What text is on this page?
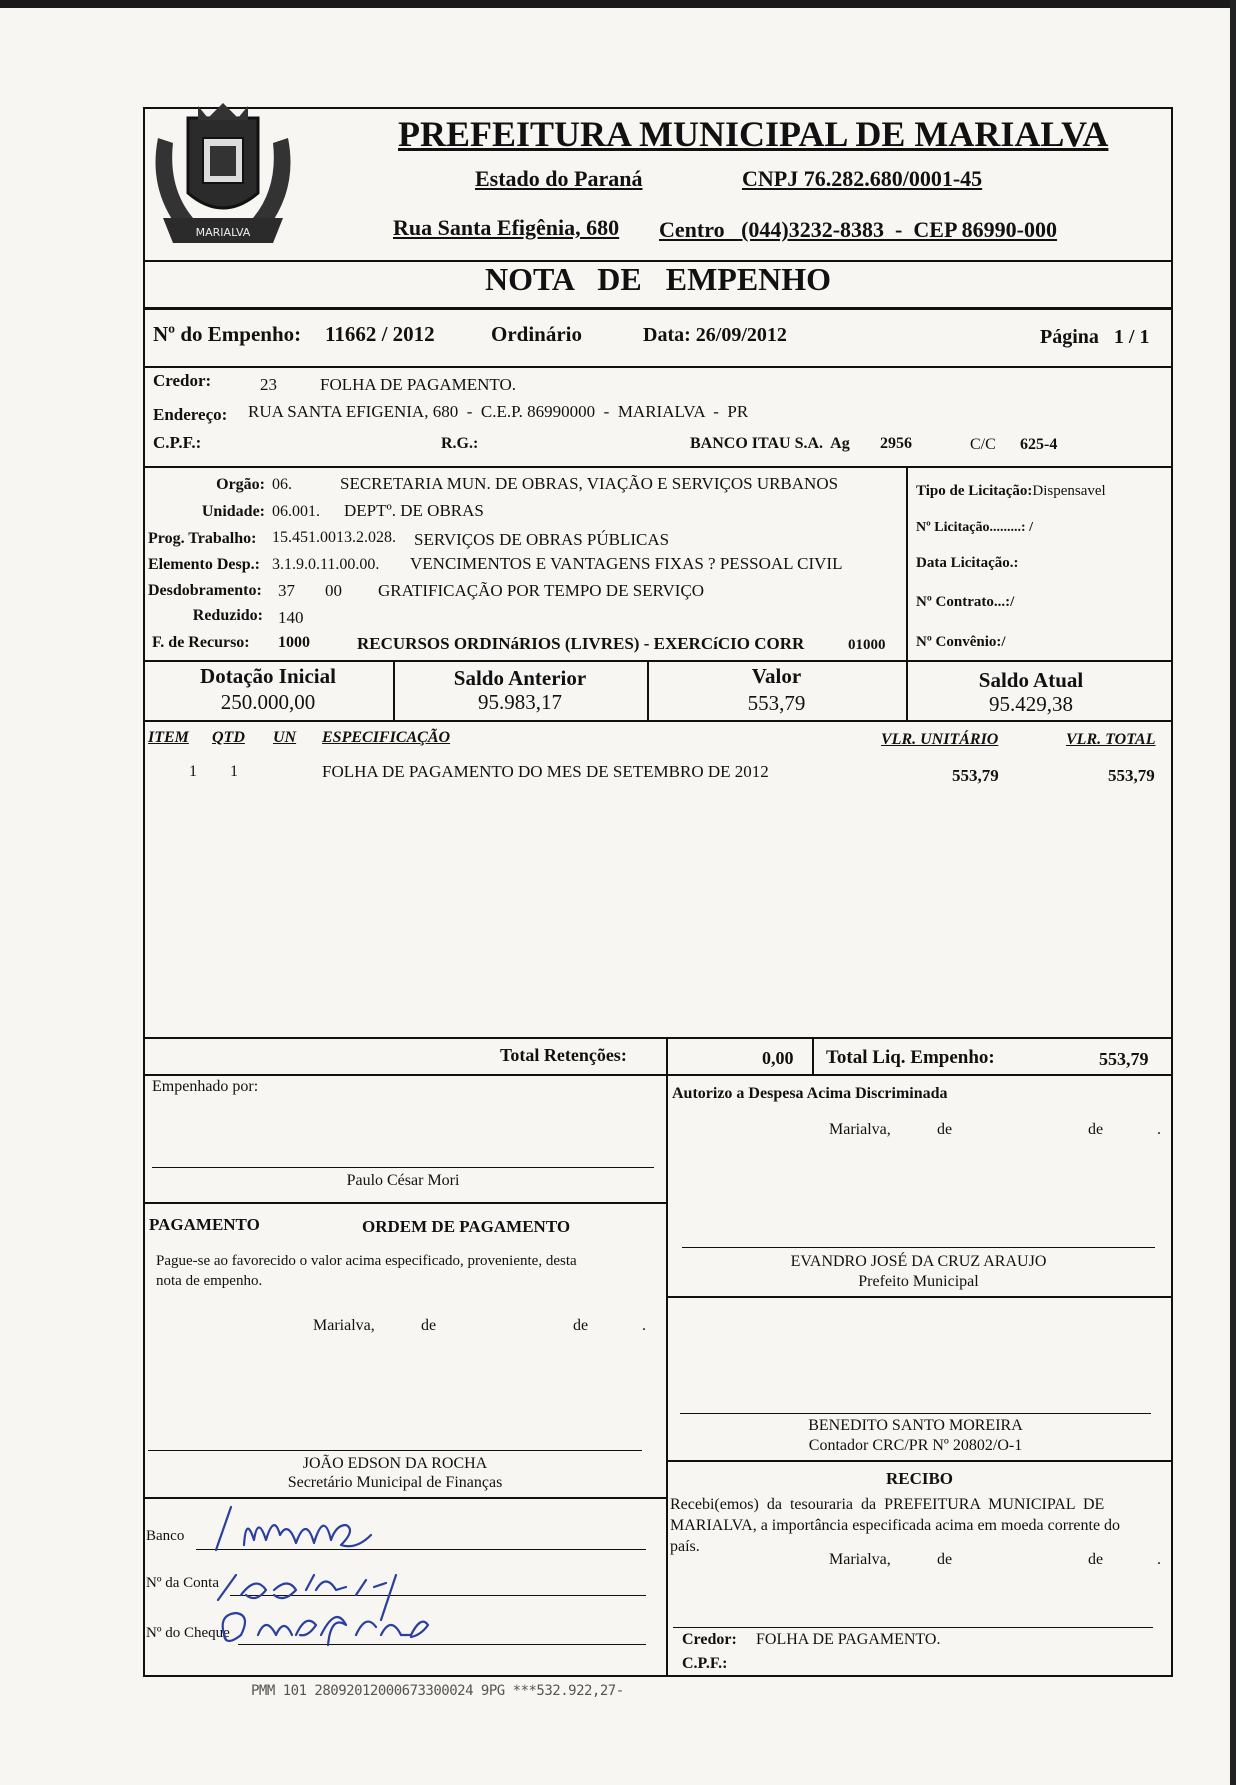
MARIALVA
PREFEITURA MUNICIPAL DE MARIALVA
Estado do Paraná	CNPJ 76.282.680/0001-45
Rua Santa Efigênia, 680 Centro   (044)3232-8383  -  CEP 86990-000
NOTA   DE   EMPENHO
Nº do Empenho: 11662 / 2012	Ordinário	Data: 26/09/2012	Página   1 / 1
Credor:	23	FOLHA DE PAGAMENTO.
Endereço: RUA SANTA EFIGENIA, 680  -  C.E.P. 86990000  -  MARIALVA  -  PR
C.P.F.:	R.G.:	BANCO ITAU S.A.  Ag 2956	C/C 625-4
Orgão: 06.	SECRETARIA MUN. DE OBRAS, VIAÇÃO E SERVIÇOS URBANOS
Unidade: 06.001. DEPTº. DE OBRAS
Prog. Trabalho: 15.451.0013.2.028. SERVIÇOS DE OBRAS PÚBLICAS
Elemento Desp.: 3.1.9.0.11.00.00. VENCIMENTOS E VANTAGENS FIXAS ? PESSOAL CIVIL
Desdobramento: 37 00 GRATIFICAÇÃO POR TEMPO DE SERVIÇO
Reduzido: 140
F. de Recurso: 1000	RECURSOS ORDINáRIOS (LIVRES) - EXERCíCIO CORR	01000
Tipo de Licitação:Dispensavel
Nº Licitação.........: /
Data Licitação.:
Nº Contrato...:/
Nº Convênio:/
Dotação Inicial
250.000,00
Saldo Anterior
95.983,17
Valor
553,79
Saldo Atual
95.429,38
ITEM QTD UN ESPECIFICAÇÃO	VLR. UNITÁRIO	VLR. TOTAL
1 1	FOLHA DE PAGAMENTO DO MES DE SETEMBRO DE 2012	553,79	553,79
Total Retenções:	0,00 Total Liq. Empenho:	553,79
Empenhado por:
Paulo César Mori
Autorizo a Despesa Acima Discriminada
Marialva,	de	de	.
EVANDRO JOSÉ DA CRUZ ARAUJO
Prefeito Municipal
PAGAMENTO	ORDEM DE PAGAMENTO
Pague-se ao favorecido o valor acima especificado, proveniente, desta
nota de empenho.
Marialva,	de	de	.
JOÃO EDSON DA ROCHA
Secretário Municipal de Finanças
Banco
Nº da Conta
Nº do Cheque
BENEDITO SANTO MOREIRA
Contador CRC/PR Nº 20802/O-1
RECIBO
Recebi(emos)  da  tesouraria  da  PREFEITURA  MUNICIPAL  DE
MARIALVA, a importância especificada acima em moeda corrente do
país.
Marialva,	de	de	.
Credor: FOLHA DE PAGAMENTO.
C.P.F.:
PMM 101 28092012000673300024 9PG ***532.922,27-
